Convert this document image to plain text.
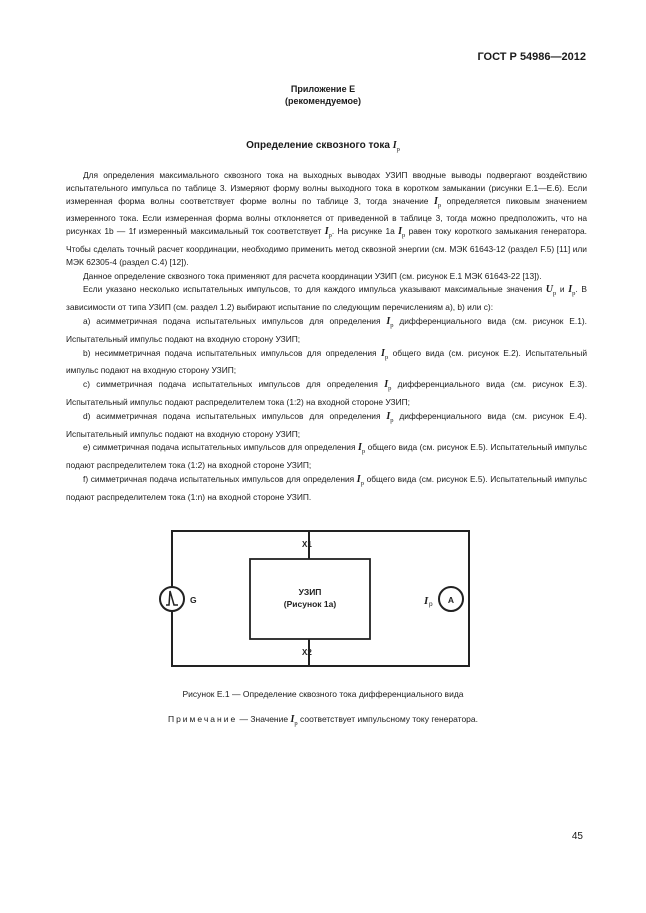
ГОСТ Р 54986—2012
Приложение Е
(рекомендуемое)
Определение сквозного тока $I_p$

Для определения максимального сквозного тока на выходных выводах УЗИП вводные выводы подвергают воздействию испытательного импульса по таблице 3. Измеряют форму волны выходного тока в коротком замыкании (рисунки Е.1—Е.6). Если измеренная форма волны соответствует форме волны по таблице 3, тогда значение $I_p$ определяется пиковым значением измеренного тока. Если измеренная форма волны отклоняется от приведенной в таблице 3, тогда можно предположить, что на рисунках 1b — 1f измеренный максимальный ток соответствует $I_p$. На рисунке 1а $I_p$ равен току короткого замыкания генератора. Чтобы сделать точный расчет координации, необходимо применить метод сквозной энергии (см. МЭК 61643-12 (раздел F.5) [11] или МЭК 62305-4 (раздел С.4) [12]).

Данное определение сквозного тока применяют для расчета координации УЗИП (см. рисунок Е.1 МЭК 61643-22 [13]).

Если указано несколько испытательных импульсов, то для каждого импульса указывают максимальные значения $U_p$ и $I_p$. В зависимости от типа УЗИП (см. раздел 1.2) выбирают испытание по следующим перечислениям а), b) или с):

а) асимметричная подача испытательных импульсов для определения $I_p$ дифференциального вида (см. рисунок Е.1). Испытательный импульс подают на входную сторону УЗИП;

b) несимметричная подача испытательных импульсов для определения $I_p$ общего вида (см. рисунок Е.2). Испытательный импульс подают на входную сторону УЗИП;

с) симметричная подача испытательных импульсов для определения $I_p$ дифференциального вида (см. рисунок Е.3). Испытательный импульс подают распределителем тока (1:2) на входной стороне УЗИП;

d) асимметричная подача испытательных импульсов для определения $I_p$ дифференциального вида (см. рисунок Е.4). Испытательный импульс подают на входную сторону УЗИП;

е) симметричная подача испытательных импульсов для определения $I_p$ общего вида (см. рисунок Е.5). Испытательный импульс подают распределителем тока (1:2) на входной стороне УЗИП;

f) симметричная подача испытательных импульсов для определения $I_p$ общего вида (см. рисунок Е.5). Испытательный импульс подают распределителем тока (1:n) на входной стороне УЗИП.

X1
X2
УЗИП
(Рисунок 1а)
G	A
I p
Рисунок Е.1 — Определение сквозного тока дифференциального вида
Примечание — Значение $I_p$ соответствует импульсному току генератора.
45
